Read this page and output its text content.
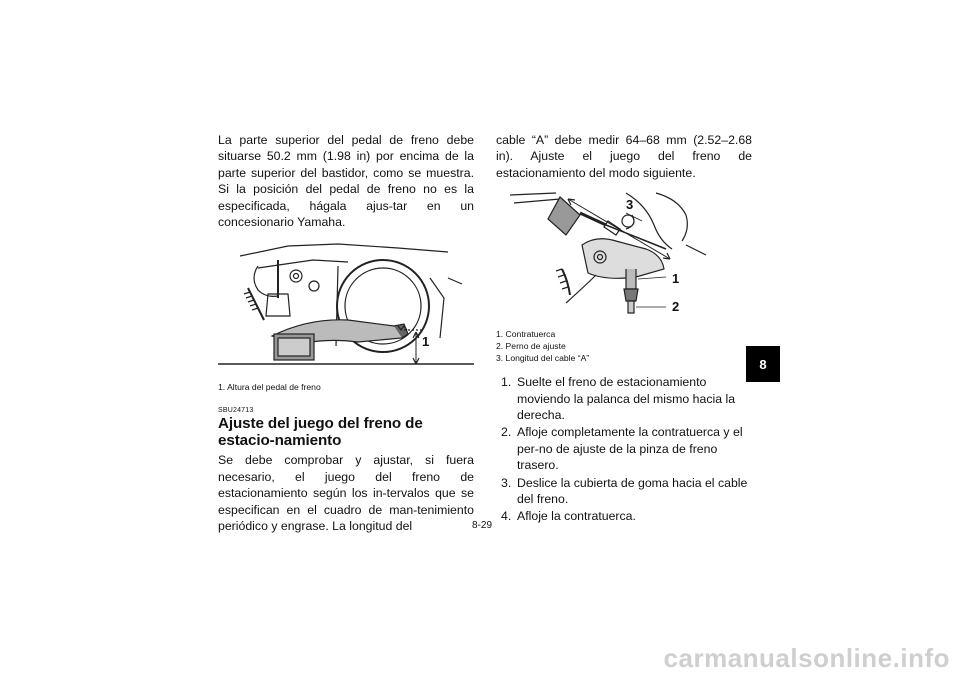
La parte superior del pedal de freno debe situarse 50.2 mm (1.98 in) por encima de la parte superior del bastidor, como se muestra. Si la posición del pedal de freno no es la especificada, hágala ajus-tar en un concesionario Yamaha.

1

1. Altura del pedal de freno

SBU24713
Ajuste del juego del freno de estacio-namiento

Se debe comprobar y ajustar, si fuera necesario, el juego del freno de estacionamiento según los in-tervalos que se especifican en el cuadro de man-tenimiento periódico y engrase. La longitud del

cable “A” debe medir 64–68 mm (2.52–2.68 in). Ajuste el juego del freno de estacionamiento del modo siguiente.

3
1
2

1. Contratuerca

2. Perno de ajuste

3. Longitud del cable “A”

1. Suelte el freno de estacionamiento moviendo la palanca del mismo hacia la derecha.
2. Afloje completamente la contratuerca y el per-no de ajuste de la pinza de freno trasero.
3. Deslice la cubierta de goma hacia el cable del freno.
4. Afloje la contratuerca.
8
8-29
carmanualsonline.info
